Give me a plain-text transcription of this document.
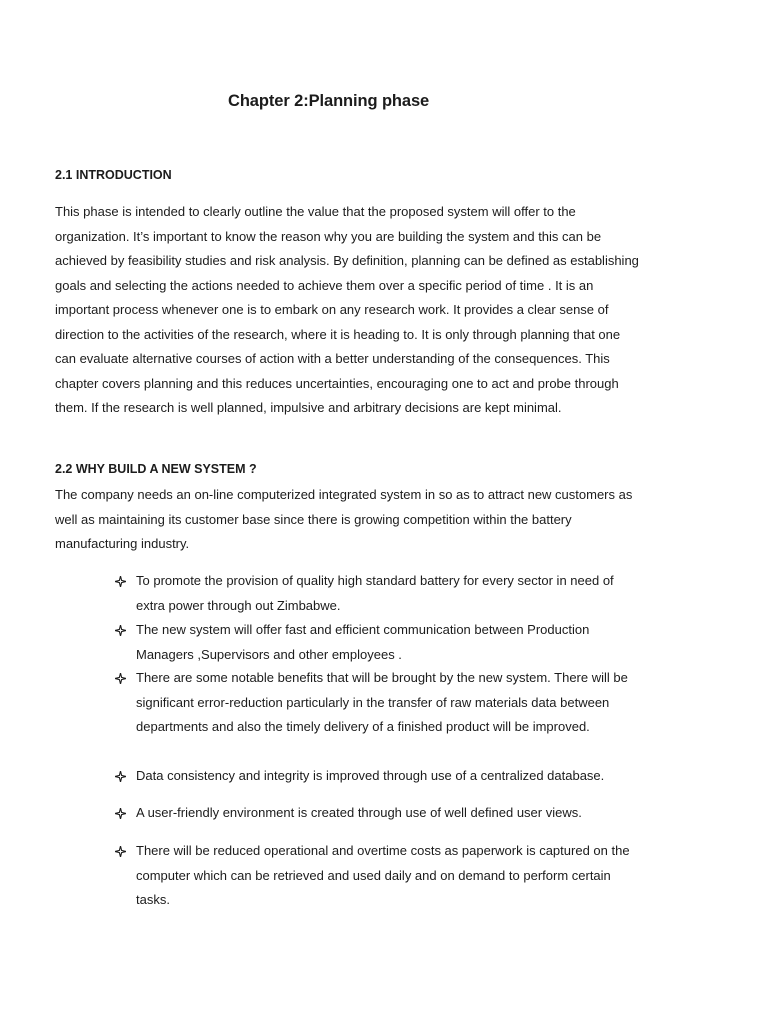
Chapter 2:Planning phase
2.1 INTRODUCTION
This phase is intended to clearly outline the value that the proposed system will offer to the
organization. It’s important to know the reason why you are building the system and this can be
achieved by feasibility studies and risk analysis. By definition, planning can be defined as establishing
goals and selecting the actions needed to achieve them over a specific period of time . It is an
important process whenever one is to embark on any research work. It provides a clear sense of
direction to the activities of the research, where it is heading to. It is only through planning that one
can evaluate alternative courses of action with a better understanding of the consequences. This
chapter covers planning and this reduces uncertainties, encouraging one to act and probe through
them. If the research is well planned, impulsive and arbitrary decisions are kept minimal.
2.2 WHY BUILD A NEW SYSTEM ?
The company needs an on-line computerized integrated system in so as to attract new customers as
well as maintaining its customer base since there is growing competition within the battery
manufacturing industry.
To promote the provision of quality high standard battery for every sector in need of
extra power through out Zimbabwe.
The new system will offer fast and efficient communication between Production
Managers ,Supervisors and other employees .
There are some notable benefits that will be brought by the new system. There will be
significant error-reduction particularly in the transfer of raw materials data between
departments and also the timely delivery of a finished product will be improved.
Data consistency and integrity is improved through use of a centralized database.
A user-friendly environment is created through use of well defined user views.
There will be reduced operational and overtime costs as paperwork is captured on the
computer which can be retrieved and used daily and on demand to perform certain
tasks.
